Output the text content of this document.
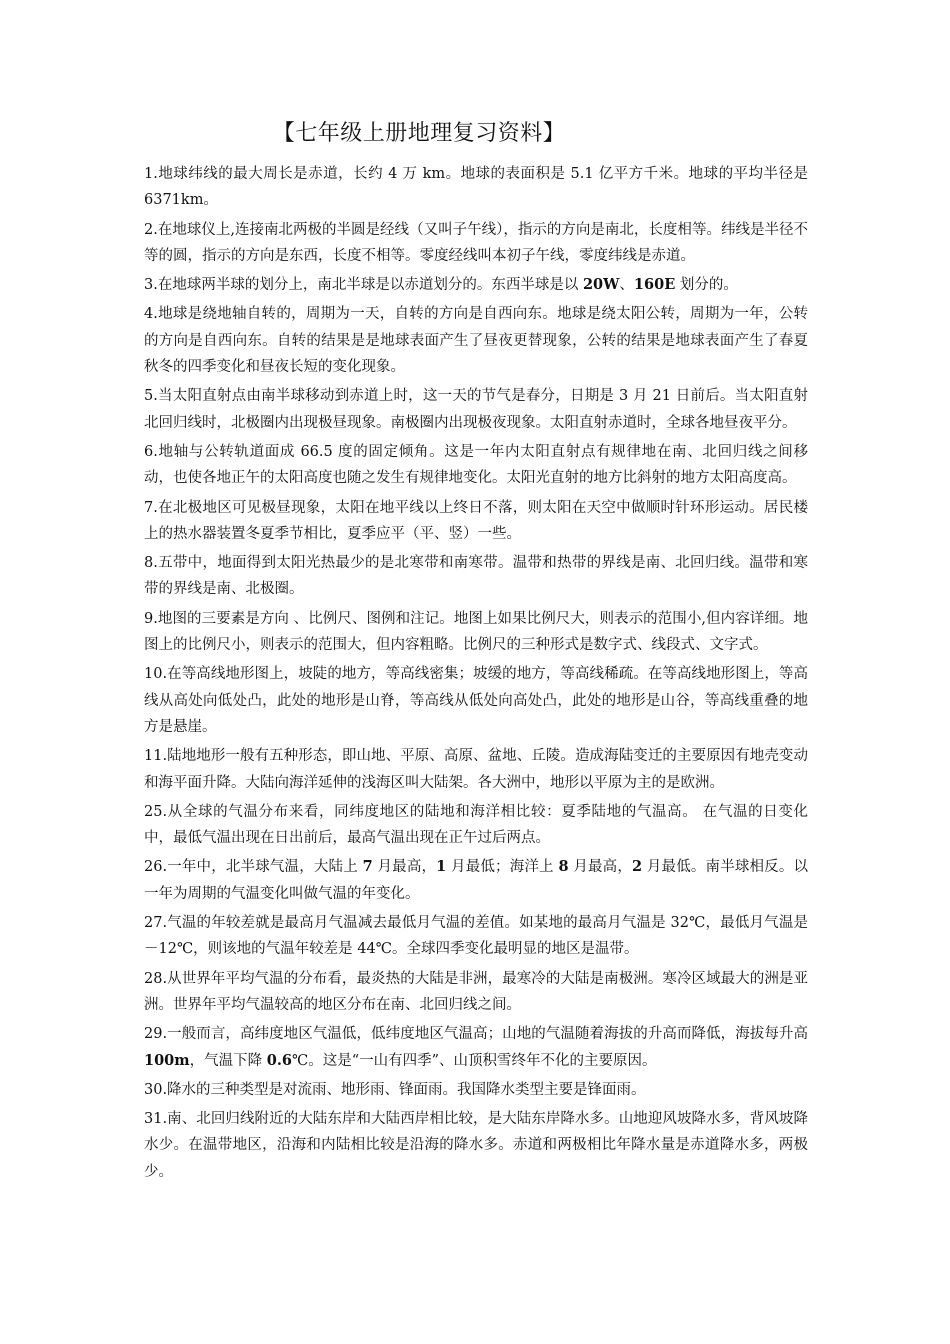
【七年级上册地理复习资料】

1.地球纬线的最大周长是赤道，长约 4 万 km。地球的表面积是 5.1 亿平方千米。地球的平均半径是 6371km。

2.在地球仪上,连接南北两极的半圆是经线（又叫子午线），指示的方向是南北，长度相等。纬线是半径不等的圆，指示的方向是东西，长度不相等。零度经线叫本初子午线，零度纬线是赤道。

3.在地球两半球的划分上，南北半球是以赤道划分的。东西半球是以 20W、160E 划分的。

4.地球是绕地轴自转的，周期为一天，自转的方向是自西向东。地球是绕太阳公转，周期为一年，公转的方向是自西向东。自转的结果是是地球表面产生了昼夜更替现象，公转的结果是地球表面产生了春夏秋冬的四季变化和昼夜长短的变化现象。

5.当太阳直射点由南半球移动到赤道上时，这一天的节气是春分，日期是 3 月 21 日前后。当太阳直射北回归线时，北极圈内出现极昼现象。南极圈内出现极夜现象。太阳直射赤道时，全球各地昼夜平分。

6.地轴与公转轨道面成 66.5 度的固定倾角。这是一年内太阳直射点有规律地在南、北回归线之间移动，也使各地正午的太阳高度也随之发生有规律地变化。太阳光直射的地方比斜射的地方太阳高度高。

7.在北极地区可见极昼现象，太阳在地平线以上终日不落，则太阳在天空中做顺时针环形运动。居民楼上的热水器装置冬夏季节相比，夏季应平（平、竖）一些。

8.五带中，地面得到太阳光热最少的是北寒带和南寒带。温带和热带的界线是南、北回归线。温带和寒带的界线是南、北极圈。

9.地图的三要素是方向 、比例尺、图例和注记。地图上如果比例尺大，则表示的范围小,但内容详细。地图上的比例尺小，则表示的范围大，但内容粗略。比例尺的三种形式是数字式、线段式、文字式。

10.在等高线地形图上，坡陡的地方，等高线密集；坡缓的地方，等高线稀疏。在等高线地形图上，等高线从高处向低处凸，此处的地形是山脊，等高线从低处向高处凸，此处的地形是山谷，等高线重叠的地方是悬崖。

11.陆地地形一般有五种形态，即山地、平原、高原、盆地、丘陵。造成海陆变迁的主要原因有地壳变动和海平面升降。大陆向海洋延伸的浅海区叫大陆架。各大洲中，地形以平原为主的是欧洲。

25.从全球的气温分布来看，同纬度地区的陆地和海洋相比较：夏季陆地的气温高。 在气温的日变化中，最低气温出现在日出前后，最高气温出现在正午过后两点。

26.一年中，北半球气温，大陆上 7 月最高，1 月最低；海洋上 8 月最高，2 月最低。南半球相反。以一年为周期的气温变化叫做气温的年变化。

27.气温的年较差就是最高月气温减去最低月气温的差值。如某地的最高月气温是 32℃，最低月气温是－12℃，则该地的气温年较差是 44℃。全球四季变化最明显的地区是温带。

28.从世界年平均气温的分布看，最炎热的大陆是非洲，最寒冷的大陆是南极洲。寒冷区域最大的洲是亚洲。世界年平均气温较高的地区分布在南、北回归线之间。

29.一般而言，高纬度地区气温低，低纬度地区气温高；山地的气温随着海拔的升高而降低，海拔每升高 100m，气温下降 0.6℃。这是“一山有四季”、山顶积雪终年不化的主要原因。

30.降水的三种类型是对流雨、地形雨、锋面雨。我国降水类型主要是锋面雨。

31.南、北回归线附近的大陆东岸和大陆西岸相比较，是大陆东岸降水多。山地迎风坡降水多，背风坡降水少。在温带地区，沿海和内陆相比较是沿海的降水多。赤道和两极相比年降水量是赤道降水多，两极少。
